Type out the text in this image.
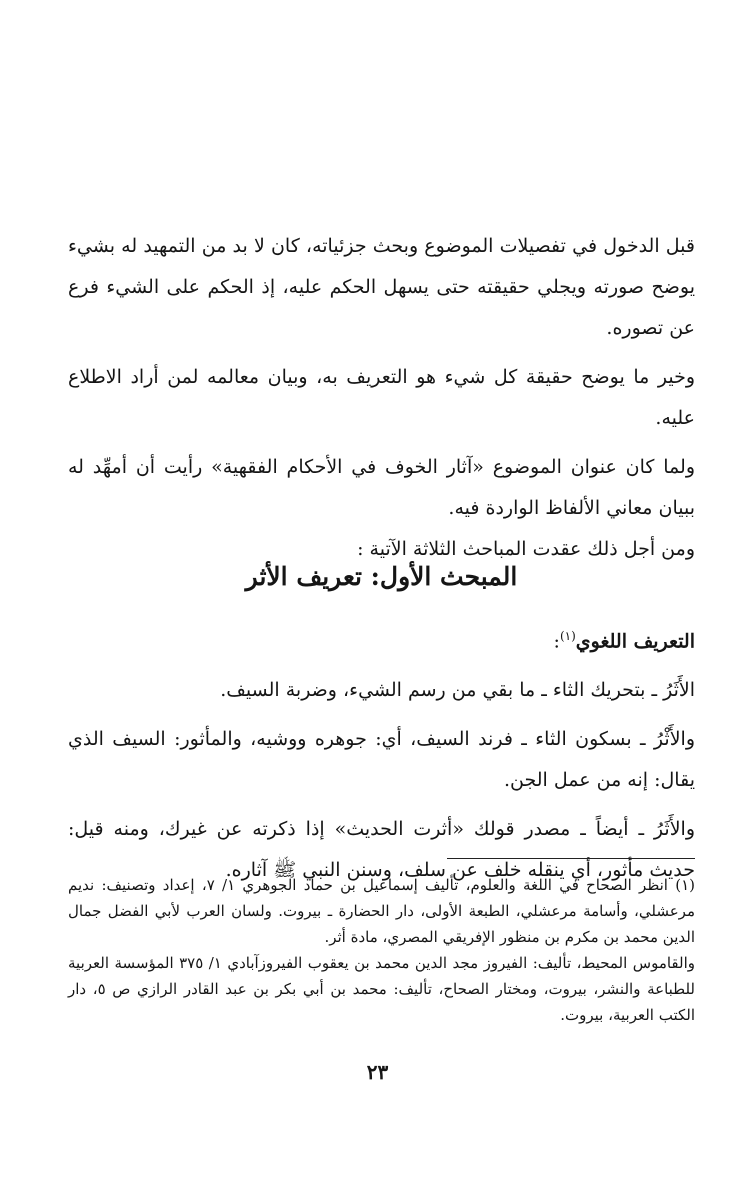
قبل الدخول في تفصيلات الموضوع وبحث جزئياته، كان لا بد من التمهيد له بشيء يوضح صورته ويجلي حقيقته حتى يسهل الحكم عليه، إذ الحكم على الشيء فرع عن تصوره.

وخير ما يوضح حقيقة كل شيء هو التعريف به، وبيان معالمه لمن أراد الاطلاع عليه.

ولما كان عنوان الموضوع «آثار الخوف في الأحكام الفقهية» رأيت أن أمهِّد له ببيان معاني الألفاظ الواردة فيه.

ومن أجل ذلك عقدت المباحث الثلاثة الآتية :

المبحث الأول: تعريف الأثر

التعريف اللغوي$^{(١)}$:

الأَثَرُ ـ بتحريك الثاء ـ ما بقي من رسم الشيء، وضربة السيف.

والأَثْرُ ـ بسكون الثاء ـ فرند السيف، أي: جوهره ووشيه، والمأثور: السيف الذي يقال: إنه من عمل الجن.

والأَثَرُ ـ أيضاً ـ مصدر قولك «أثرت الحديث» إذا ذكرته عن غيرك، ومنه قيل: حديث مأثور، أي ينقله خلف عن سلف، وسنن النبي ﷺ آثاره.

(١) انظر الصحاح في اللغة والعلوم، تأليف إسماعيل بن حماد الجوهري ١/ ٧، إعداد وتصنيف: نديم مرعشلي، وأسامة مرعشلي، الطبعة الأولى، دار الحضارة ـ بيروت. ولسان العرب لأبي الفضل جمال الدين محمد بن مكرم بن منظور الإفريقي المصري، مادة أثر.

والقاموس المحيط، تأليف: الفيروز مجد الدين محمد بن يعقوب الفيروزآبادي ١/ ٣٧٥ المؤسسة العربية للطباعة والنشر، بيروت، ومختار الصحاح، تأليف: محمد بن أبي بكر بن عبد القادر الرازي ص ٥، دار الكتب العربية، بيروت.

٢٣
